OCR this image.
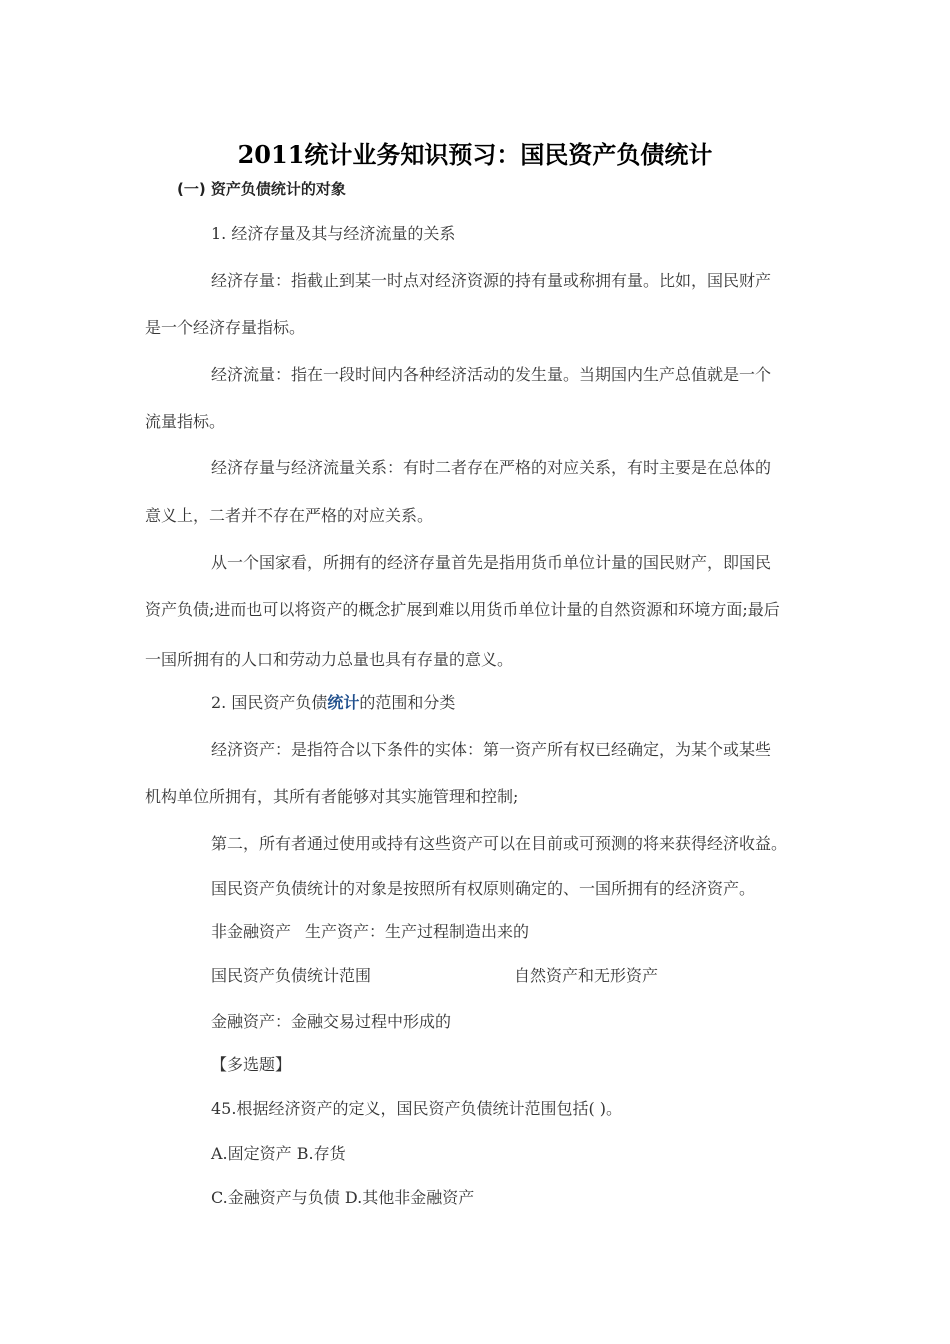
2011统计业务知识预习：国民资产负债统计
(一) 资产负债统计的对象
1. 经济存量及其与经济流量的关系
经济存量：指截止到某一时点对经济资源的持有量或称拥有量。比如，国民财产
是一个经济存量指标。
经济流量：指在一段时间内各种经济活动的发生量。当期国内生产总值就是一个
流量指标。
经济存量与经济流量关系：有时二者存在严格的对应关系，有时主要是在总体的
意义上，二者并不存在严格的对应关系。
从一个国家看，所拥有的经济存量首先是指用货币单位计量的国民财产，即国民
资产负债;进而也可以将资产的概念扩展到难以用货币单位计量的自然资源和环境方面;最后
一国所拥有的人口和劳动力总量也具有存量的意义。
2. 国民资产负债统计的范围和分类
经济资产：是指符合以下条件的实体：第一资产所有权已经确定，为某个或某些
机构单位所拥有，其所有者能够对其实施管理和控制;
第二，所有者通过使用或持有这些资产可以在目前或可预测的将来获得经济收益。
国民资产负债统计的对象是按照所有权原则确定的、一国所拥有的经济资产。
非金融资产 生产资产：生产过程制造出来的
国民资产负债统计范围	自然资产和无形资产
金融资产：金融交易过程中形成的
【多选题】
45.根据经济资产的定义，国民资产负债统计范围包括( )。
A.固定资产 B.存货
C.金融资产与负债 D.其他非金融资产
